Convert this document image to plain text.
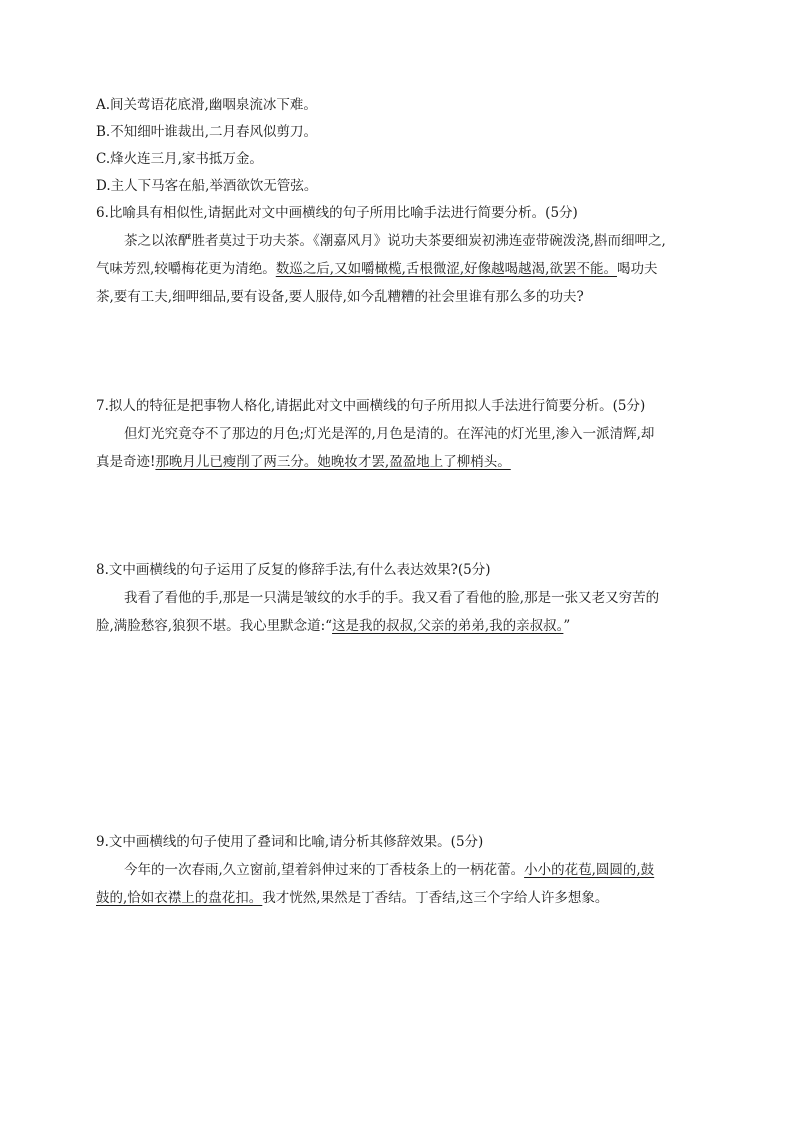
A.间关莺语花底滑,幽咽泉流冰下难。
B.不知细叶谁裁出,二月春风似剪刀。
C.烽火连三月,家书抵万金。
D.主人下马客在船,举酒欲饮无管弦。
6.比喻具有相似性,请据此对文中画横线的句子所用比喻手法进行简要分析。(5分)
茶之以浓酽胜者莫过于功夫茶。《潮嘉风月》说功夫茶要细炭初沸连壶带碗泼浇,斟而细呷之,
气味芳烈,较嚼梅花更为清绝。数巡之后,又如嚼橄榄,舌根微涩,好像越喝越渴,欲罢不能。喝功夫
茶,要有工夫,细呷细品,要有设备,要人服侍,如今乱糟糟的社会里谁有那么多的功夫?
7.拟人的特征是把事物人格化,请据此对文中画横线的句子所用拟人手法进行简要分析。(5分)
但灯光究竟夺不了那边的月色;灯光是浑的,月色是清的。在浑沌的灯光里,渗入一派清辉,却
真是奇迹!那晚月儿已瘦削了两三分。她晚妆才罢,盈盈地上了柳梢头。
8.文中画横线的句子运用了反复的修辞手法,有什么表达效果?(5分)
我看了看他的手,那是一只满是皱纹的水手的手。我又看了看他的脸,那是一张又老又穷苦的
脸,满脸愁容,狼狈不堪。我心里默念道:“这是我的叔叔,父亲的弟弟,我的亲叔叔。”
9.文中画横线的句子使用了叠词和比喻,请分析其修辞效果。(5分)
今年的一次春雨,久立窗前,望着斜伸过来的丁香枝条上的一柄花蕾。小小的花苞,圆圆的,鼓
鼓的,恰如衣襟上的盘花扣。我才恍然,果然是丁香结。丁香结,这三个字给人许多想象。
